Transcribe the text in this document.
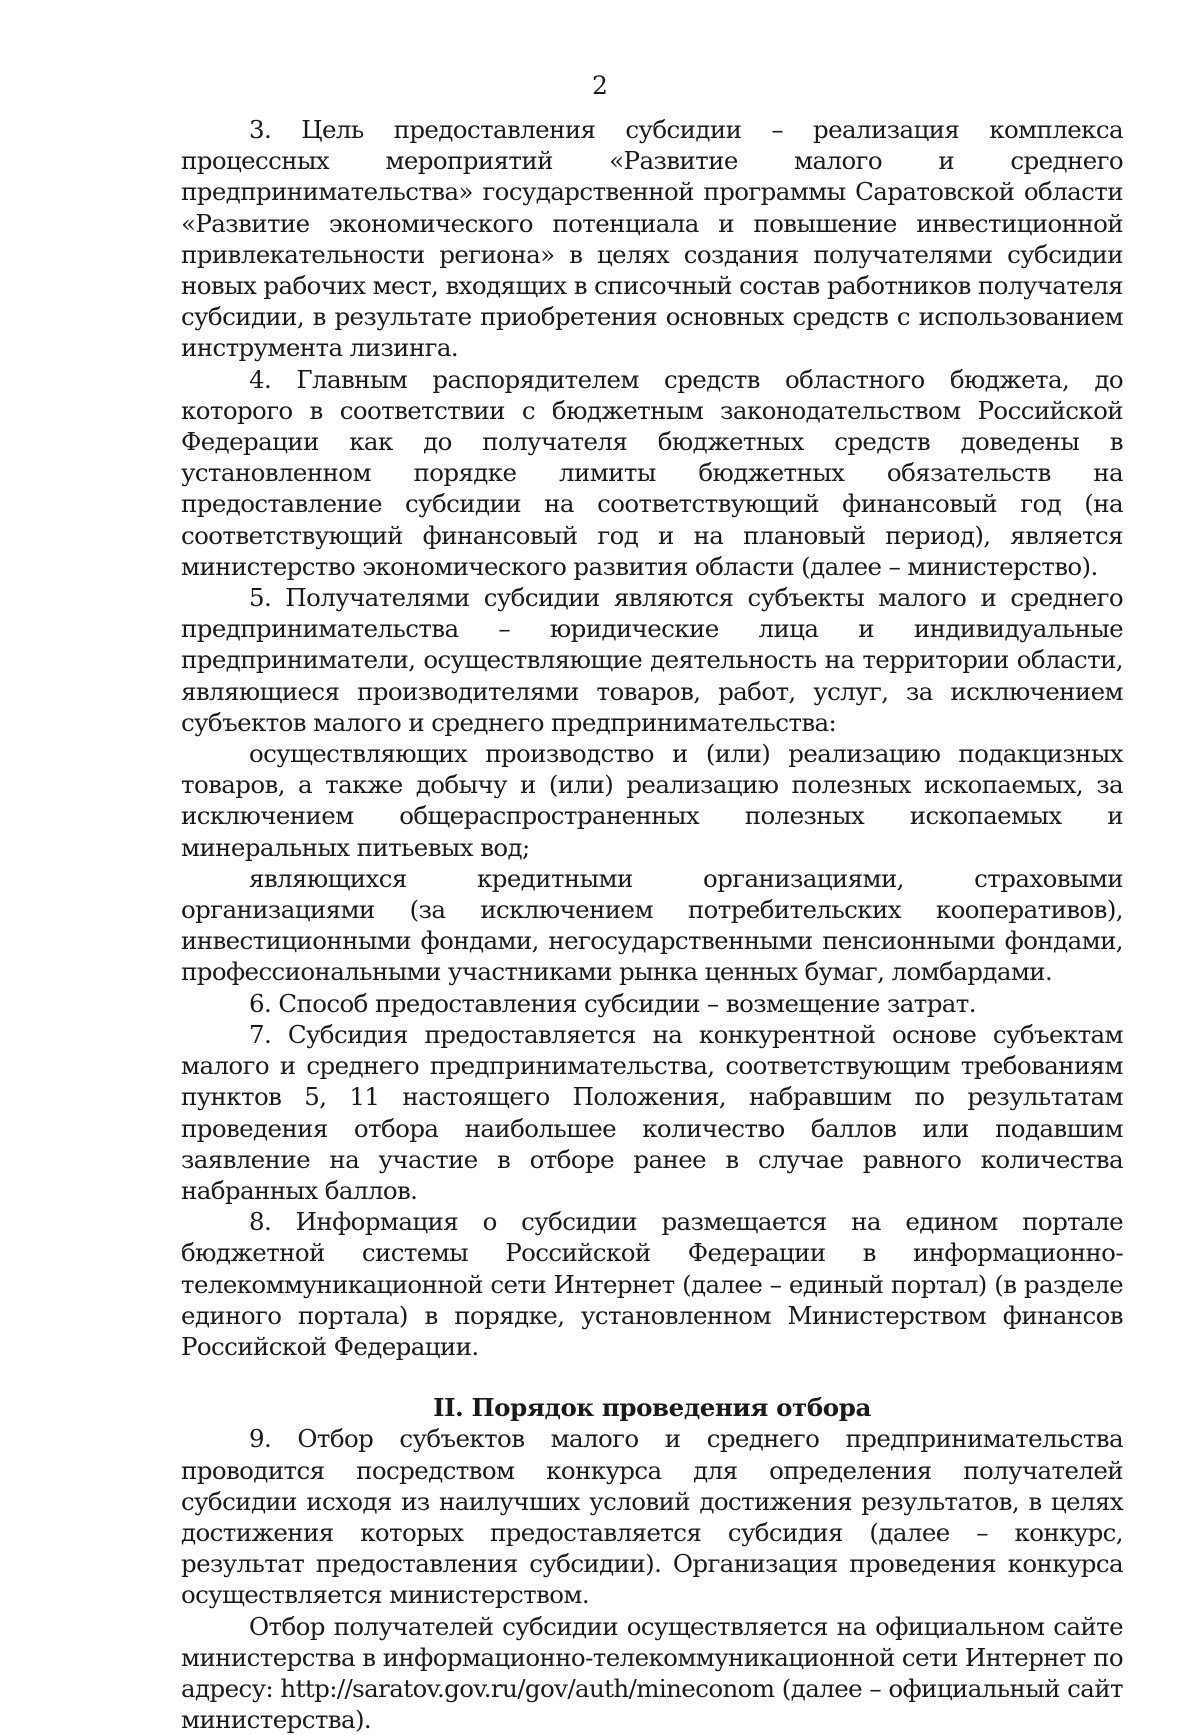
2

3. Цель предоставления субсидии – реализация комплекса процессных мероприятий «Развитие малого и среднего предпринимательства» государственной программы Саратовской области «Развитие экономического потенциала и повышение инвестиционной привлекательности региона» в целях создания получателями субсидии новых рабочих мест, входящих в списочный состав работников получателя субсидии, в результате приобретения основных средств с использованием инструмента лизинга.

4. Главным распорядителем средств областного бюджета, до которого в соответствии с бюджетным законодательством Российской Федерации как до получателя бюджетных средств доведены в установленном порядке лимиты бюджетных обязательств на предоставление субсидии на соответствующий финансовый год (на соответствующий финансовый год и на плановый период), является министерство экономического развития области (далее – министерство).

5. Получателями субсидии являются субъекты малого и среднего предпринимательства – юридические лица и индивидуальные предприниматели, осуществляющие деятельность на территории области, являющиеся производителями товаров, работ, услуг, за исключением субъектов малого и среднего предпринимательства:

осуществляющих производство и (или) реализацию подакцизных товаров, а также добычу и (или) реализацию полезных ископаемых, за исключением общераспространенных полезных ископаемых и минеральных питьевых вод;

являющихся кредитными организациями, страховыми организациями (за исключением потребительских кооперативов), инвестиционными фондами, негосударственными пенсионными фондами, профессиональными участниками рынка ценных бумаг, ломбардами.

6. Способ предоставления субсидии – возмещение затрат.

7. Субсидия предоставляется на конкурентной основе субъектам малого и среднего предпринимательства, соответствующим требованиям пунктов 5, 11 настоящего Положения, набравшим по результатам проведения отбора наибольшее количество баллов или подавшим заявление на участие в отборе ранее в случае равного количества набранных баллов.

8. Информация о субсидии размещается на едином портале бюджетной системы Российской Федерации в информационно-телекоммуникационной сети Интернет (далее – единый портал) (в разделе единого портала) в порядке, установленном Министерством финансов Российской Федерации.

II. Порядок проведения отбора

9. Отбор субъектов малого и среднего предпринимательства проводится посредством конкурса для определения получателей субсидии исходя из наилучших условий достижения результатов, в целях достижения которых предоставляется субсидия (далее – конкурс, результат предоставления субсидии). Организация проведения конкурса осуществляется министерством.

Отбор получателей субсидии осуществляется на официальном сайте министерства в информационно-телекоммуникационной сети Интернет по адресу: http://saratov.gov.ru/gov/auth/mineconom (далее – официальный сайт министерства).
